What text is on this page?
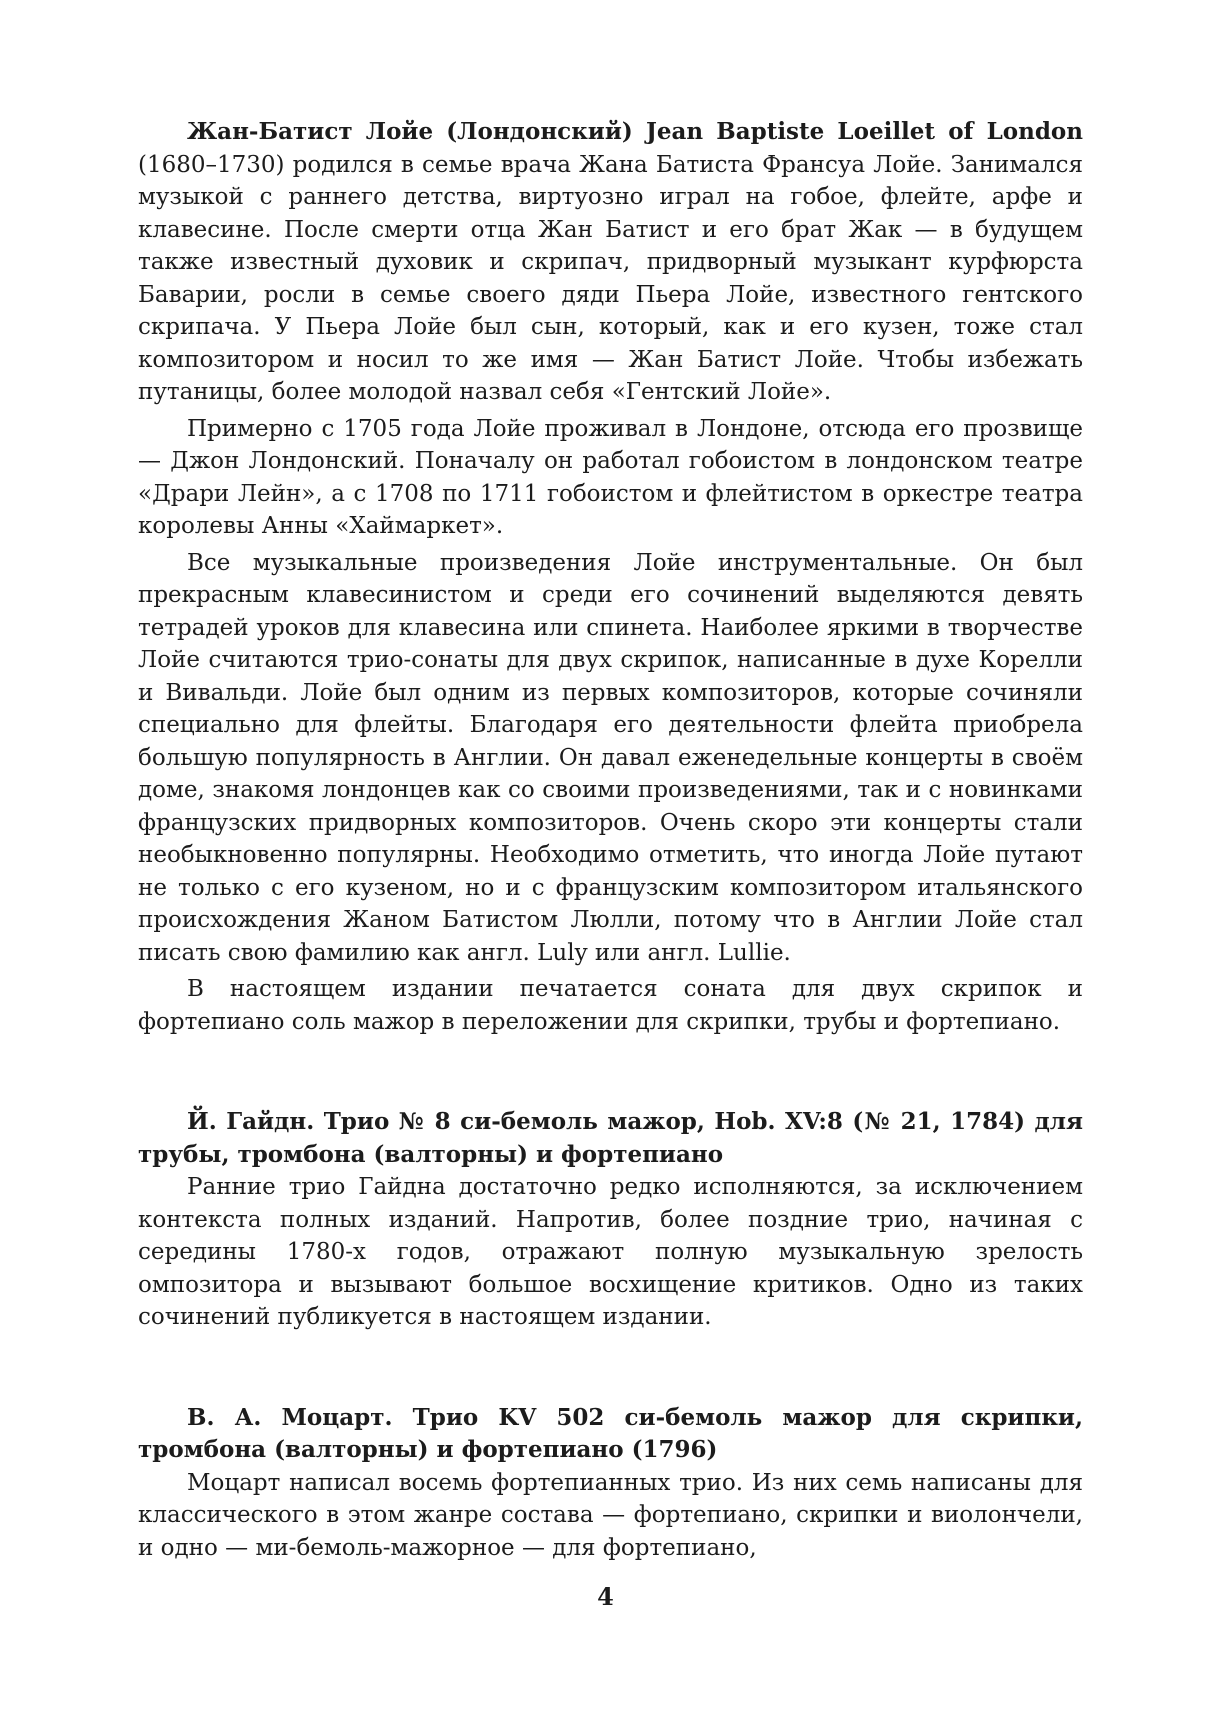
Жан-Батист Лойе (Лондонский) Jean Baptiste Loeillet of London (1680–1730) родился в семье врача Жана Батиста Франсуа Лойе. Занимался музыкой с раннего детства, виртуозно играл на гобое, флейте, арфе и клавесине. После смерти отца Жан Батист и его брат Жак — в будущем также известный духовик и скрипач, придворный музыкант курфюрста Баварии, росли в семье своего дяди Пьера Лойе, известного гентского скрипача. У Пьера Лойе был сын, который, как и его кузен, тоже стал композитором и носил то же имя — Жан Батист Лойе. Чтобы избежать путаницы, более молодой назвал себя «Гентский Лойе».

Примерно с 1705 года Лойе проживал в Лондоне, отсюда его прозвище — Джон Лондонский. Поначалу он работал гобоистом в лондонском театре «Драри Лейн», а с 1708 по 1711 гобоистом и флейтистом в оркестре театра королевы Анны «Хаймаркет».

Все музыкальные произведения Лойе инструментальные. Он был прекрасным клавесинистом и среди его сочинений выделяются девять тетрадей уроков для клавесина или спинета. Наиболее яркими в творчестве Лойе считаются трио-сонаты для двух скрипок, написанные в духе Корелли и Вивальди. Лойе был одним из первых композиторов, которые сочиняли специально для флейты. Благодаря его деятельности флейта приобрела большую популярность в Англии. Он давал еженедельные концерты в своём доме, знакомя лондонцев как со своими произведениями, так и с новинками французских придворных композиторов. Очень скоро эти концерты стали необыкновенно популярны. Необходимо отметить, что иногда Лойе путают не только с его кузеном, но и с французским композитором итальянского происхождения Жаном Батистом Люлли, потому что в Англии Лойе стал писать свою фамилию как англ. Luly или англ. Lullie.

В настоящем издании печатается соната для двух скрипок и фортепиано соль мажор в переложении для скрипки, трубы и фортепиано.

Й. Гайдн. Трио № 8 си-бемоль мажор, Hob. XV:8 (№ 21, 1784) для трубы, тромбона (валторны) и фортепиано

Ранние трио Гайдна достаточно редко исполняются, за исключением контекста полных изданий. Напротив, более поздние трио, начиная с середины 1780-х годов, отражают полную музыкальную зрелость омпозитора и вызывают большое восхищение критиков. Одно из таких сочинений публикуется в настоящем издании.

В. А. Моцарт. Трио KV 502 си-бемоль мажор для скрипки, тромбона (валторны) и фортепиано (1796)

Моцарт написал восемь фортепианных трио. Из них семь написаны для классического в этом жанре состава — фортепиано, скрипки и виолончели, и одно — ми-бемоль-мажорное — для фортепиано,

4
